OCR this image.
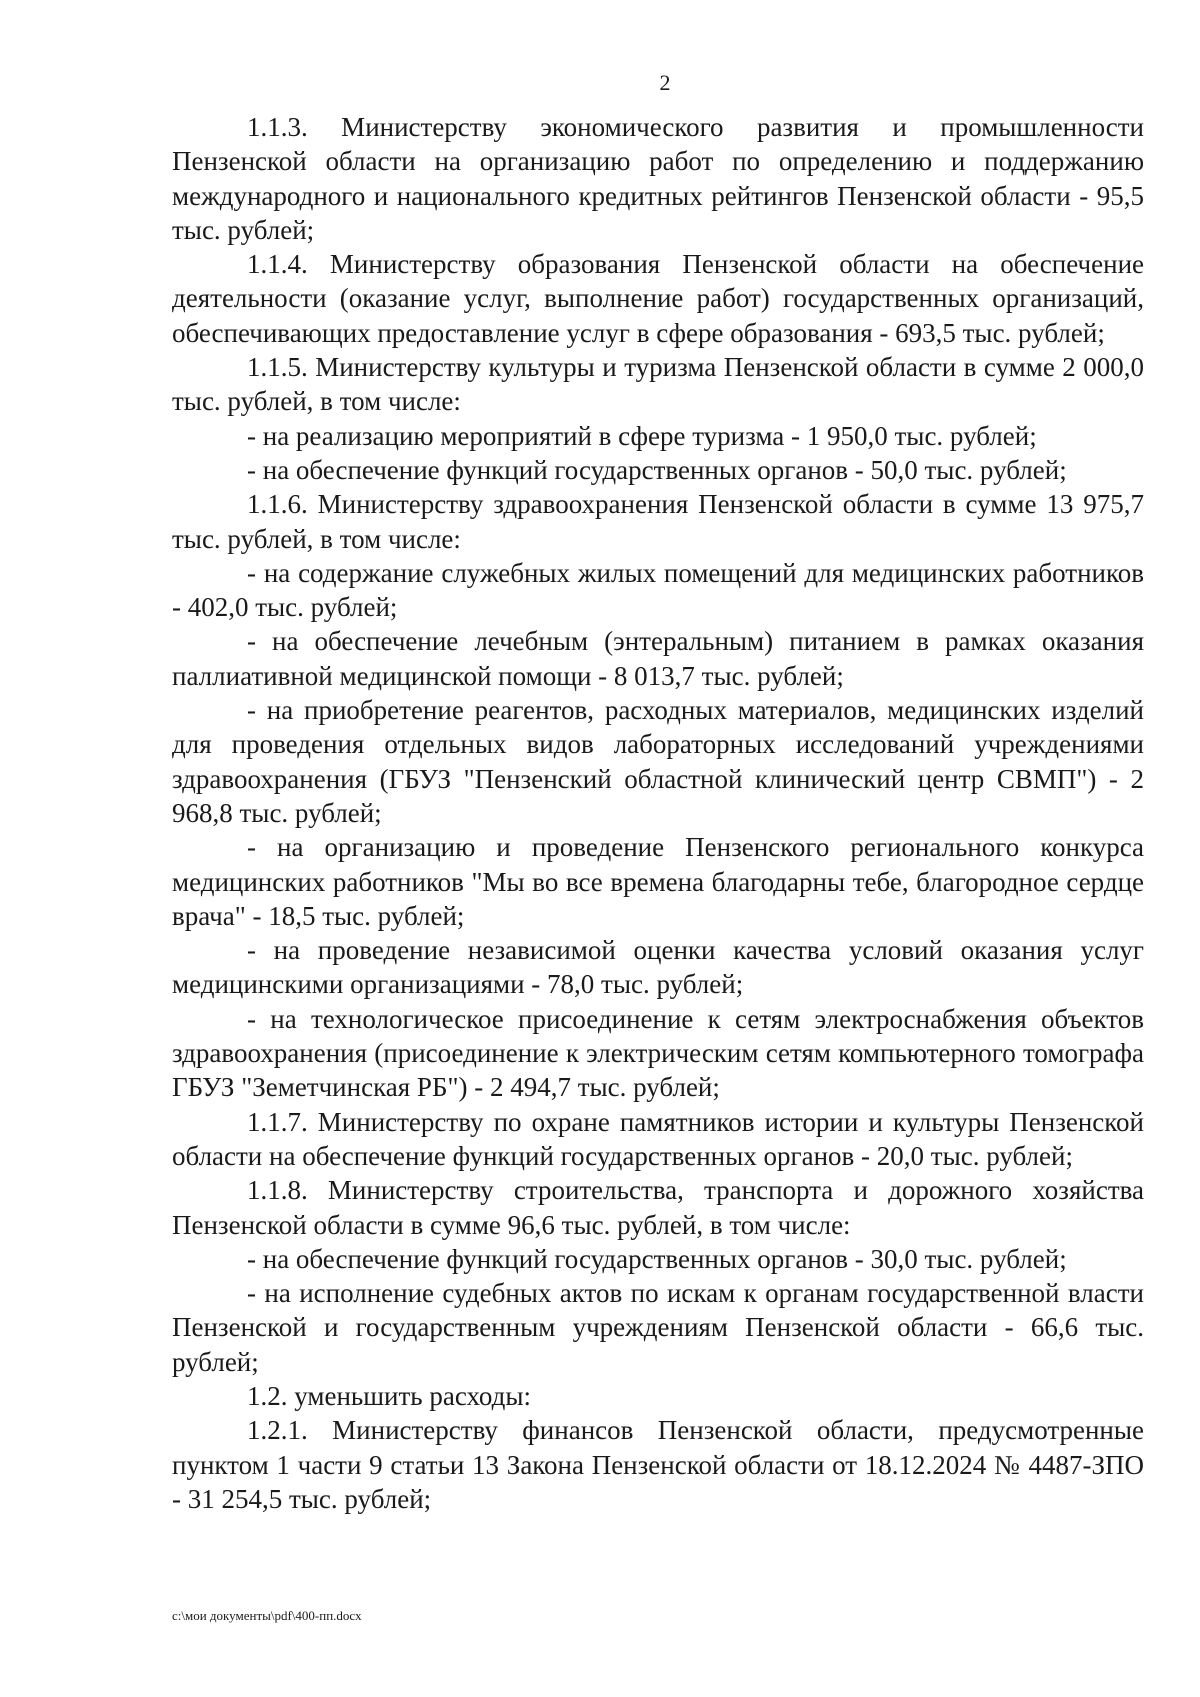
2

1.1.3. Министерству экономического развития и промышленности Пензенской области на организацию работ по определению и поддержанию международного и национального кредитных рейтингов Пензенской области - 95,5 тыс. рублей;

1.1.4. Министерству образования Пензенской области на обеспечение деятельности (оказание услуг, выполнение работ) государственных организаций, обеспечивающих предоставление услуг в сфере образования - 693,5 тыс. рублей;

1.1.5. Министерству культуры и туризма Пензенской области в сумме 2 000,0 тыс. рублей, в том числе:

- на реализацию мероприятий в сфере туризма - 1 950,0 тыс. рублей;

- на обеспечение функций государственных органов - 50,0 тыс. рублей;

1.1.6. Министерству здравоохранения Пензенской области в сумме 13 975,7 тыс. рублей, в том числе:

- на содержание служебных жилых помещений для медицинских работников - 402,0 тыс. рублей;

- на обеспечение лечебным (энтеральным) питанием в рамках оказания паллиативной медицинской помощи - 8 013,7 тыс. рублей;

- на приобретение реагентов, расходных материалов, медицинских изделий для проведения отдельных видов лабораторных исследований учреждениями здравоохранения (ГБУЗ "Пензенский областной клинический центр СВМП") - 2 968,8 тыс. рублей;

- на организацию и проведение Пензенского регионального конкурса медицинских работников "Мы во все времена благодарны тебе, благородное сердце врача" - 18,5 тыс. рублей;

- на проведение независимой оценки качества условий оказания услуг медицинскими организациями - 78,0 тыс. рублей;

- на технологическое присоединение к сетям электроснабжения объектов здравоохранения (присоединение к электрическим сетям компьютерного томографа ГБУЗ "Земетчинская РБ") - 2 494,7 тыс. рублей;

1.1.7. Министерству по охране памятников истории и культуры Пензенской области на обеспечение функций государственных органов - 20,0 тыс. рублей;

1.1.8. Министерству строительства, транспорта и дорожного хозяйства Пензенской области в сумме 96,6 тыс. рублей, в том числе:

- на обеспечение функций государственных органов - 30,0 тыс. рублей;

- на исполнение судебных актов по искам к органам государственной власти Пензенской и государственным учреждениям Пензенской области - 66,6 тыс. рублей;

1.2. уменьшить расходы:

1.2.1. Министерству финансов Пензенской области, предусмотренные пунктом 1 части 9 статьи 13 Закона Пензенской области от 18.12.2024 № 4487-ЗПО - 31 254,5 тыс. рублей;

c:\мои документы\pdf\400-пп.docx
